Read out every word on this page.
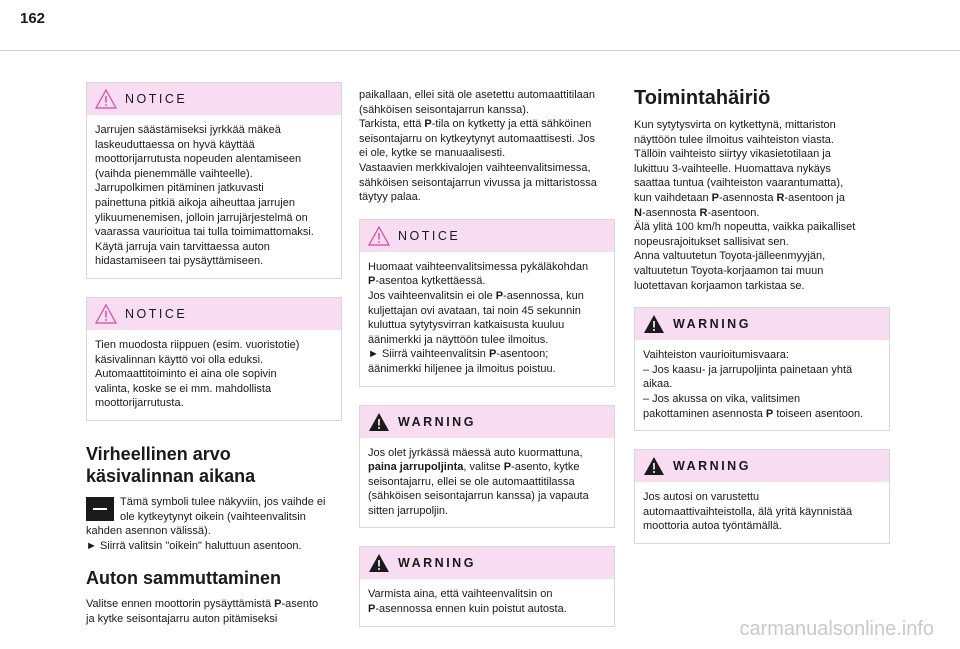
162
NOTICE

Jarrujen säästämiseksi jyrkkää mäkeä
laskeuduttaessa on hyvä käyttää
moottorijarrutusta nopeuden alentamiseen
(vaihda pienemmälle vaihteelle).
Jarrupolkimen pitäminen jatkuvasti
painettuna pitkiä aikoja aiheuttaa jarrujen
ylikuumenemisen, jolloin jarrujärjestelmä on
vaarassa vaurioitua tai tulla toimimattomaksi.
Käytä jarruja vain tarvittaessa auton
hidastamiseen tai pysäyttämiseen.

NOTICE

Tien muodosta riippuen (esim. vuoristotie)
käsivalinnan käyttö voi olla eduksi.
Automaattitoiminto ei aina ole sopivin
valinta, koske se ei mm. mahdollista
moottorijarrutusta.

Virheellinen arvo

käsivalinnan aikana

Tämä symboli tulee näkyviin, jos vaihde ei

ole kytkeytynyt oikein (vaihteenvalitsin

kahden asennon välissä).
► Siirrä valitsin "oikein" haluttuun asentoon.

Auton sammuttaminen

Valitse ennen moottorin pysäyttämistä P-asento
ja kytke seisontajarru auton pitämiseksi

paikallaan, ellei sitä ole asetettu automaattitilaan
(sähköisen seisontajarrun kanssa).
Tarkista, että P-tila on kytketty ja että sähköinen
seisontajarru on kytkeytynyt automaattisesti. Jos
ei ole, kytke se manuaalisesti.
Vastaavien merkkivalojen vaihteenvalitsimessa,
sähköisen seisontajarrun vivussa ja mittaristossa
täytyy palaa.

NOTICE

Huomaat vaihteenvalitsimessa pykäläkohdan
P-asentoa kytkettäessä.
Jos vaihteenvalitsin ei ole P-asennossa, kun
kuljettajan ovi avataan, tai noin 45 sekunnin
kuluttua sytytysvirran katkaisusta kuuluu
äänimerkki ja näyttöön tulee ilmoitus.
► Siirrä vaihteenvalitsin P-asentoon;
äänimerkki hiljenee ja ilmoitus poistuu.

WARNING

Jos olet jyrkässä mäessä auto kuormattuna,
paina jarrupoljinta, valitse P-asento, kytke
seisontajarru, ellei se ole automaattitilassa
(sähköisen seisontajarrun kanssa) ja vapauta
sitten jarrupoljin.

WARNING

Varmista aina, että vaihteenvalitsin on
P-asennossa ennen kuin poistut autosta.

Toimintahäiriö

Kun sytytysvirta on kytkettynä, mittariston
näyttöön tulee ilmoitus vaihteiston viasta.
Tällöin vaihteisto siirtyy vikasietotilaan ja
lukittuu 3-vaihteelle. Huomattava nykäys
saattaa tuntua (vaihteiston vaarantumatta),
kun vaihdetaan P-asennosta R-asentoon ja
N-asennosta R-asentoon.
Älä ylitä 100 km/h nopeutta, vaikka paikalliset
nopeusrajoitukset sallisivat sen.
Anna valtuutetun Toyota-jälleenmyyjän,
valtuutetun Toyota-korjaamon tai muun
luotettavan korjaamon tarkistaa se.

WARNING

Vaihteiston vaurioitumisvaara:
– Jos kaasu- ja jarrupoljinta painetaan yhtä
aikaa.
– Jos akussa on vika, valitsimen
pakottaminen asennosta P toiseen asentoon.

WARNING

Jos autosi on varustettu
automaattivaihteistolla, älä yritä käynnistää
moottoria autoa työntämällä.

carmanualsonline.info
